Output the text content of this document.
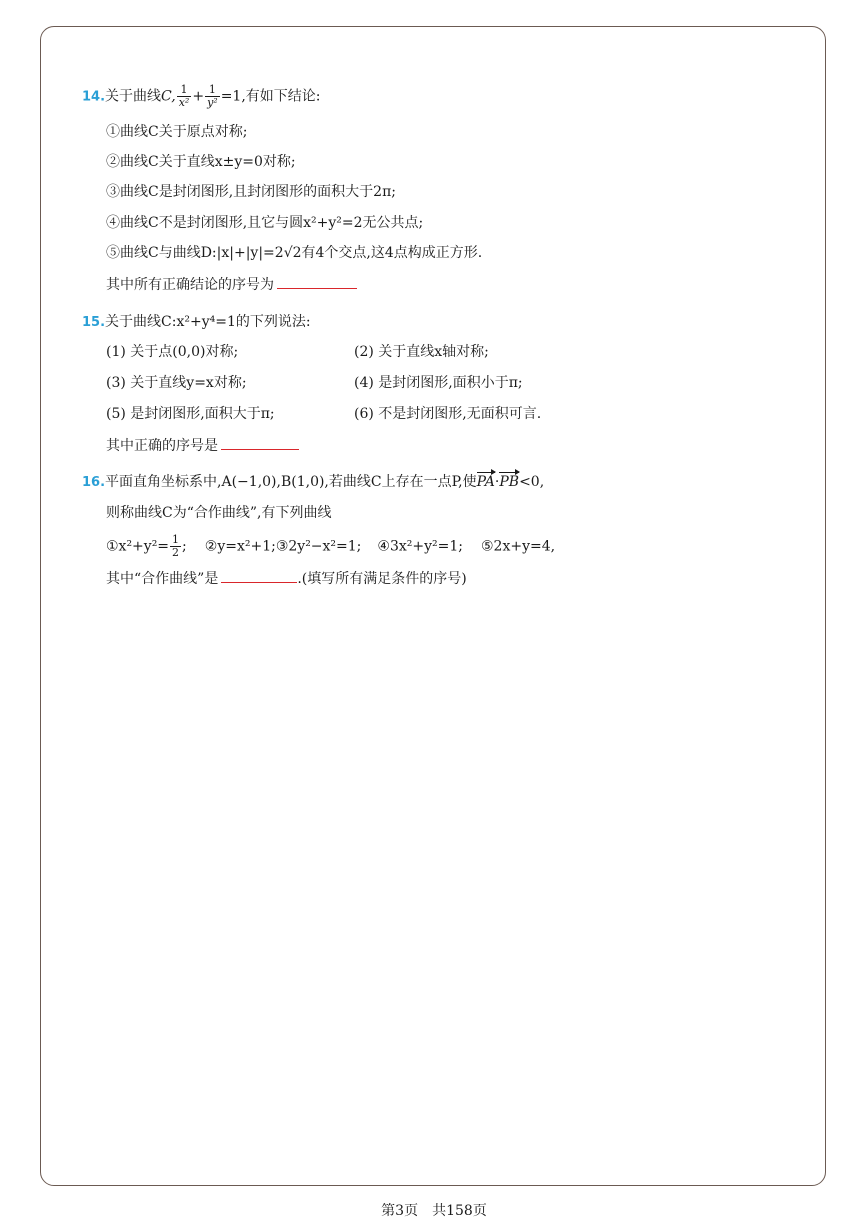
14.关于曲线C, $\frac{1}{\text{x²}} + \frac{1}{\text{y²}} =1$,有如下结论:
①曲线C关于原点对称;
②曲线C关于直线x±y=0对称;
③曲线C是封闭图形,且封闭图形的面积大于2π;
④曲线C不是封闭图形,且它与圆x²+y²=2无公共点;
⑤曲线C与曲线D:|x|+|y|=2√2有4个交点,这4点构成正方形.
其中所有正确结论的序号为
15.关于曲线C:x²+y⁴=1的下列说法:
(1) 关于点(0,0)对称;	(2) 关于直线x轴对称;
(3) 关于直线y=x对称;	(4) 是封闭图形,面积小于π;
(5) 是封闭图形,面积大于π;	(6) 不是封闭图形,无面积可言.
其中正确的序号是
16.平面直角坐标系中,A(−1,0),B(1,0),若曲线C上存在一点P,使PA·PB<0,
则称曲线C为“合作曲线”,有下列曲线
①x²+y²= $\frac{1}{2}$ ; ②y=x²+1;③2y²−x²=1; ④3x²+y²=1; ⑤2x+y=4,
其中“合作曲线”是	.(填写所有满足条件的序号)
第3页 共158页
